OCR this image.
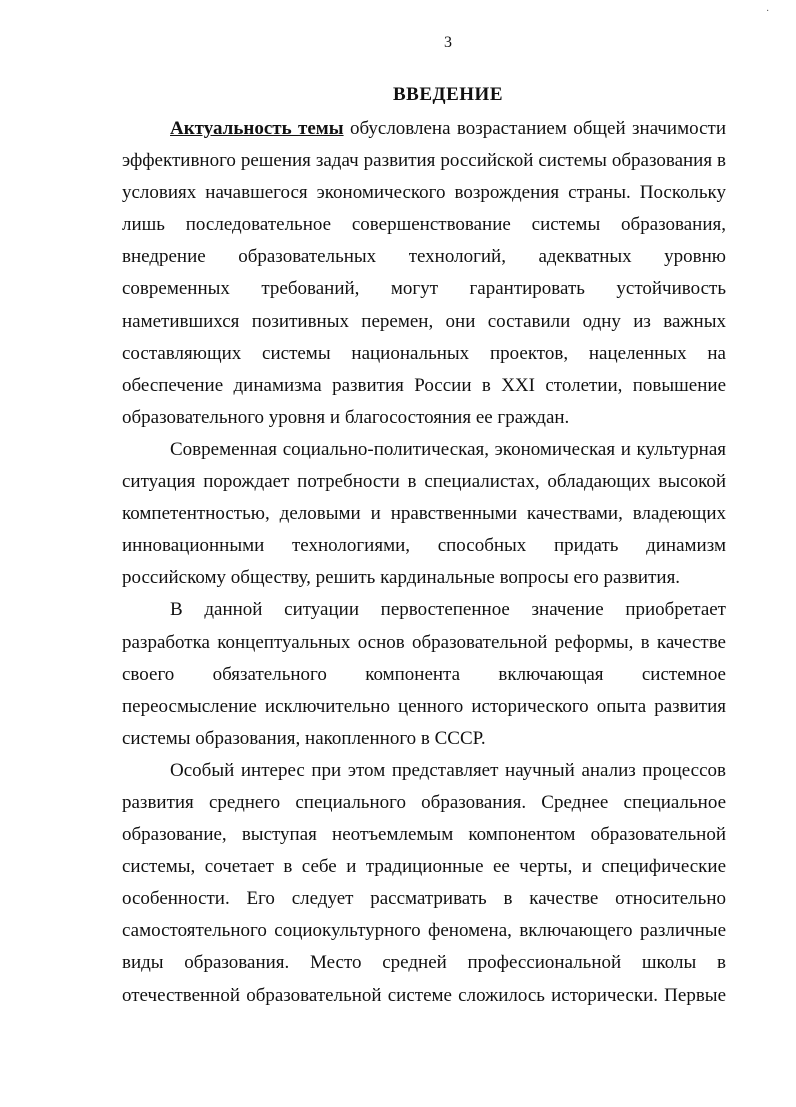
·
3
ВВЕДЕНИЕ
Актуальность темы обусловлена возрастанием общей значимости
эффективного решения задач развития российской системы образования в
условиях начавшегося экономического возрождения страны. Поскольку
лишь последовательное совершенствование системы образования,
внедрение образовательных технологий, адекватных уровню
современных требований, могут гарантировать устойчивость
наметившихся позитивных перемен, они составили одну из важных
составляющих системы национальных проектов, нацеленных на
обеспечение динамизма развития России в XXI столетии, повышение
образовательного уровня и благосостояния ее граждан.
Современная социально-политическая, экономическая и культурная
ситуация порождает потребности в специалистах, обладающих высокой
компетентностью, деловыми и нравственными качествами, владеющих
инновационными технологиями, способных придать динамизм
российскому обществу, решить кардинальные вопросы его развития.
В данной ситуации первостепенное значение приобретает
разработка концептуальных основ образовательной реформы, в качестве
своего обязательного компонента включающая системное
переосмысление исключительно ценного исторического опыта развития
системы образования, накопленного в СССР.
Особый интерес при этом представляет научный анализ процессов
развития среднего специального образования. Среднее специальное
образование, выступая неотъемлемым компонентом образовательной
системы, сочетает в себе и традиционные ее черты, и специфические
особенности. Его следует рассматривать в качестве относительно
самостоятельного социокультурного феномена, включающего различные
виды образования. Место средней профессиональной школы в
отечественной образовательной системе сложилось исторически. Первые
